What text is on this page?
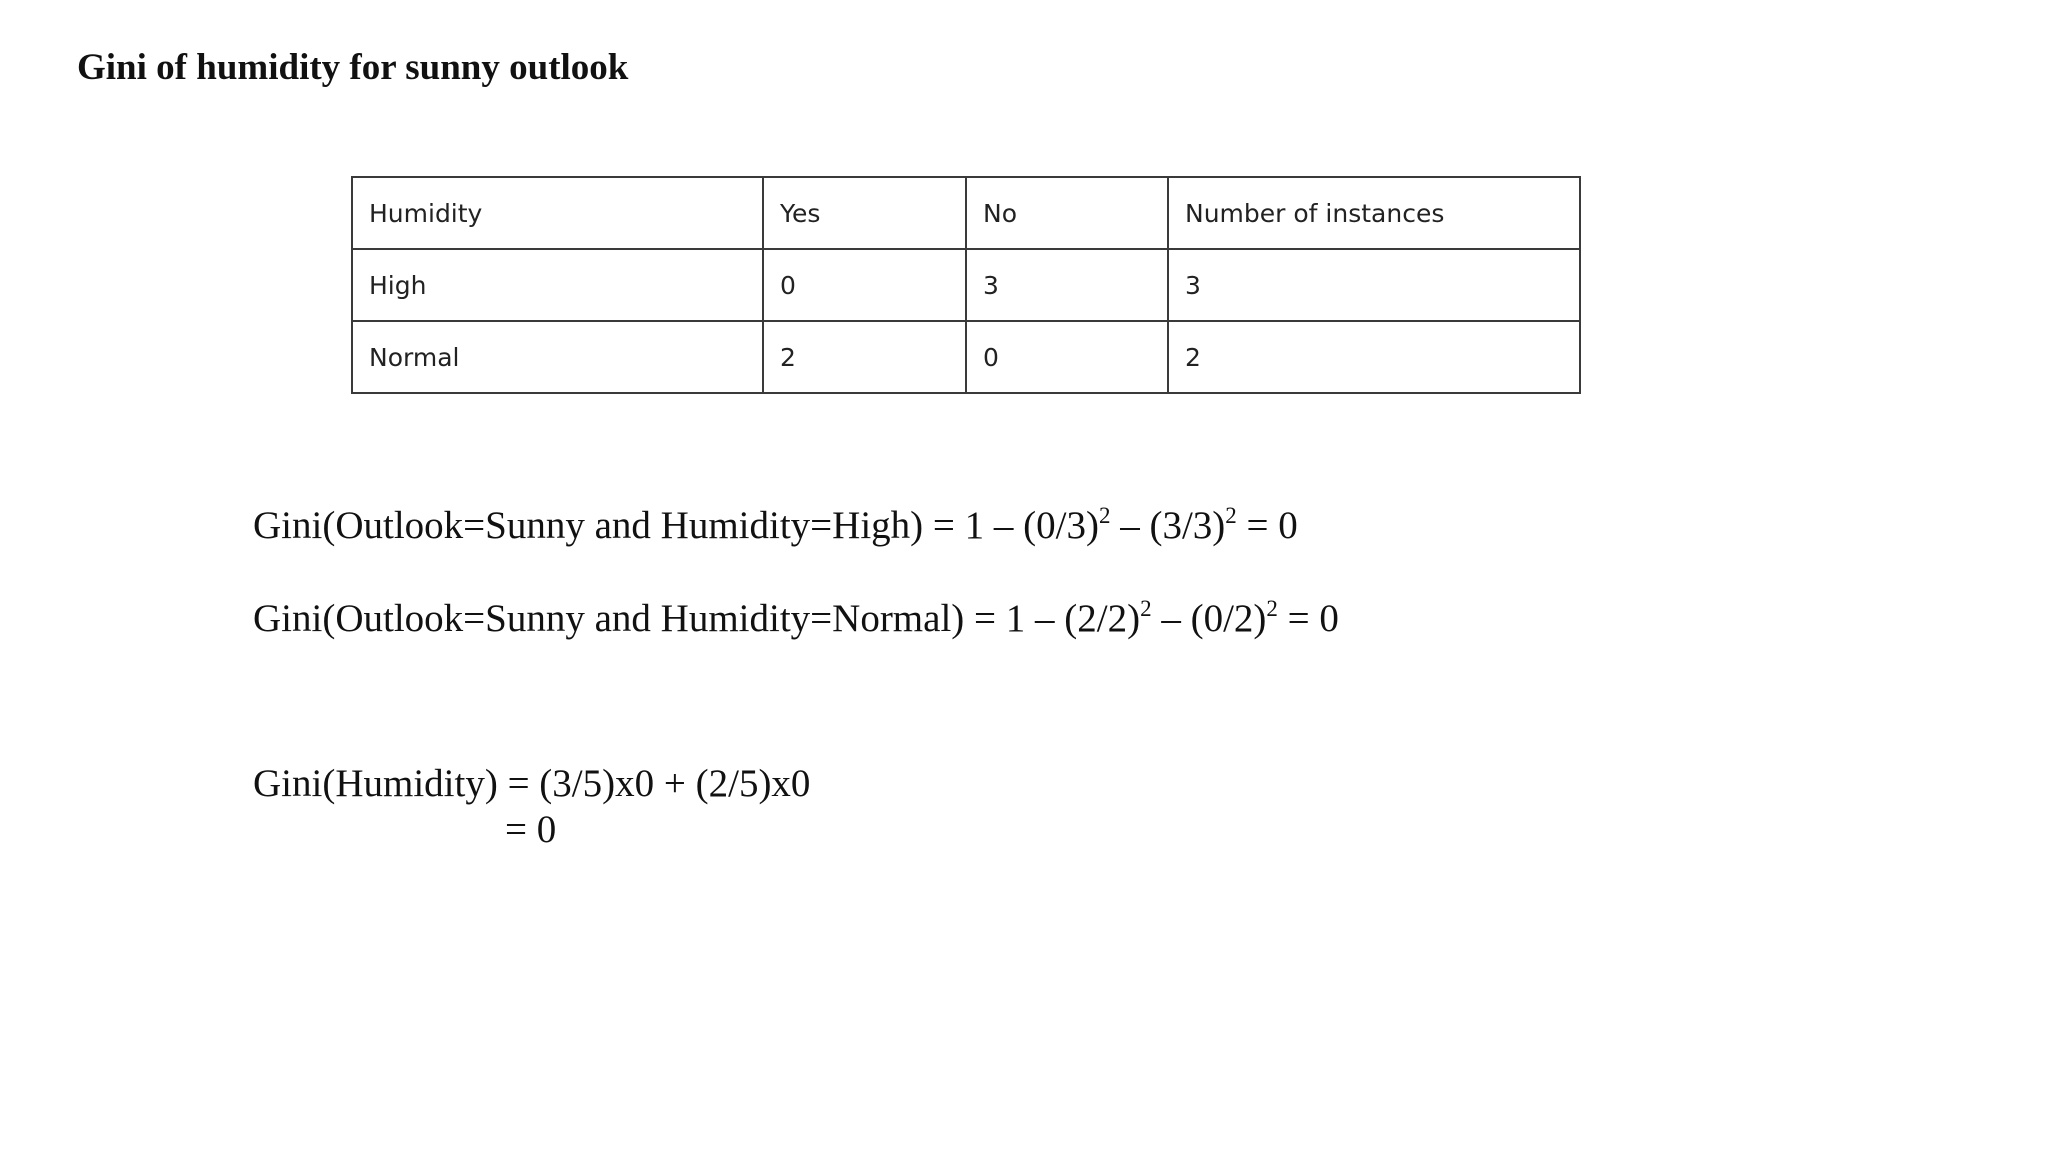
Gini of humidity for sunny outlook
Humidity	Yes	No	Number of instances
High	0	3	3
Normal	2	0	2

Gini(Outlook=Sunny and Humidity=High) = $1 - (0/3)^2 - (3/3)^2 = 0$

Gini(Outlook=Sunny and Humidity=Normal) = $1 - (2/2)^2 - (0/2)^2 = 0$

Gini(Humidity) = (3/5)x0 + (2/5)x0

= 0
